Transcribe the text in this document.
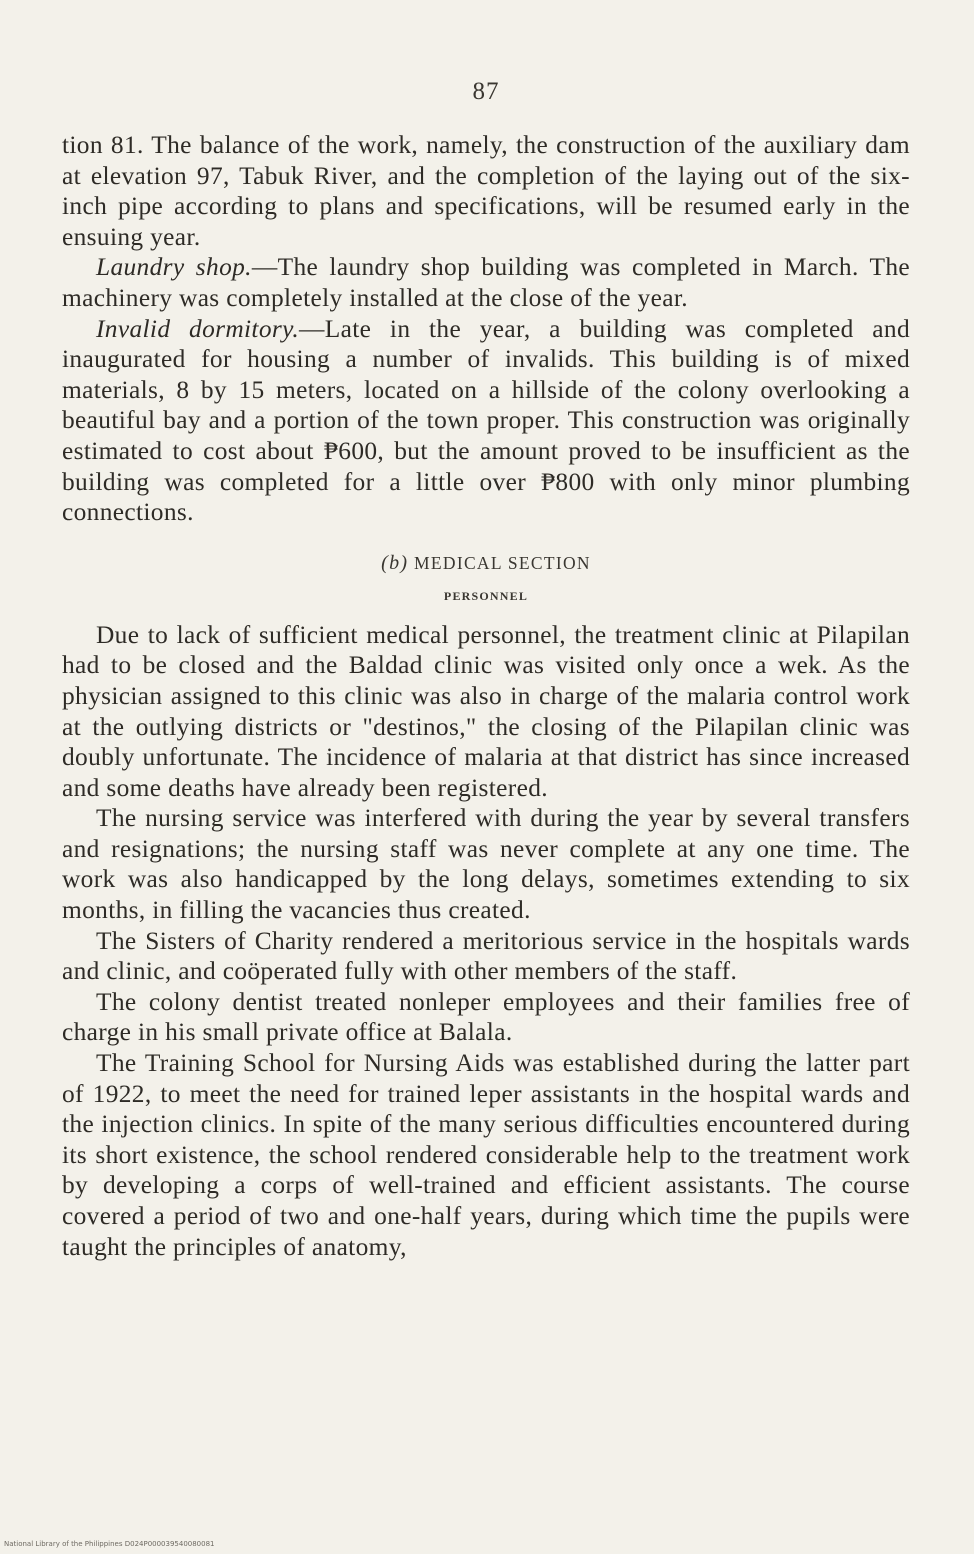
87

tion 81. The balance of the work, namely, the construction of the auxiliary dam at elevation 97, Tabuk River, and the completion of the laying out of the six-inch pipe according to plans and specifications, will be resumed early in the ensuing year.

Laundry shop.—The laundry shop building was completed in March. The machinery was completely installed at the close of the year.

Invalid dormitory.—Late in the year, a building was completed and inaugurated for housing a number of invalids. This building is of mixed materials, 8 by 15 meters, located on a hillside of the colony overlooking a beautiful bay and a portion of the town proper. This construction was originally estimated to cost about ₱600, but the amount proved to be insufficient as the building was completed for a little over ₱800 with only minor plumbing connections.

(b) MEDICAL SECTION
PERSONNEL

Due to lack of sufficient medical personnel, the treatment clinic at Pilapilan had to be closed and the Baldad clinic was visited only once a wek. As the physician assigned to this clinic was also in charge of the malaria control work at the outlying districts or "destinos," the closing of the Pilapilan clinic was doubly unfortunate. The incidence of malaria at that district has since increased and some deaths have already been registered.

The nursing service was interfered with during the year by several transfers and resignations; the nursing staff was never complete at any one time. The work was also handicapped by the long delays, sometimes extending to six months, in filling the vacancies thus created.

The Sisters of Charity rendered a meritorious service in the hospitals wards and clinic, and coöperated fully with other members of the staff.

The colony dentist treated nonleper employees and their families free of charge in his small private office at Balala.

The Training School for Nursing Aids was established during the latter part of 1922, to meet the need for trained leper assistants in the hospital wards and the injection clinics. In spite of the many serious difficulties encountered during its short existence, the school rendered considerable help to the treatment work by developing a corps of well-trained and efficient assistants. The course covered a period of two and one-half years, during which time the pupils were taught the principles of anatomy,

National Library of the Philippines D024P000039540080081
